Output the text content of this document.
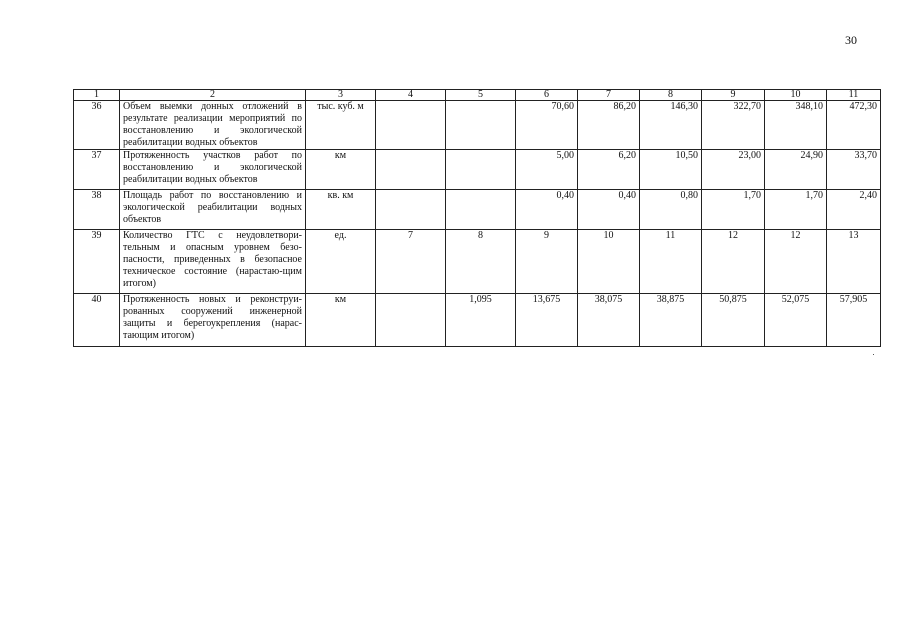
30
1	2	3	4	5	6	7	8	9	10	11
36	Объем выемки донных отложений в результате реализации мероприятий по восстановлению и экологической реабилитации водных объектов	тыс. куб. м			70,60	86,20	146,30	322,70	348,10	472,30
37	Протяженность участков работ по восстановлению и экологической реабилитации водных объектов	км			5,00	6,20	10,50	23,00	24,90	33,70
38	Площадь работ по восстановлению и экологической реабилитации водных объектов	кв. км			0,40	0,40	0,80	1,70	1,70	2,40
39	Количество ГТС с неудовлетвори-тельным и опасным уровнем безо-пасности, приведенных в безопасное техническое состояние (нарастаю-щим итогом)	ед.	7	8	9	10	11	12	12	13
40	Протяженность новых и реконструи-рованных сооружений инженерной защиты и берегоукрепления (нарас-тающим итогом)	км		1,095	13,675	38,075	38,875	50,875	52,075	57,905
